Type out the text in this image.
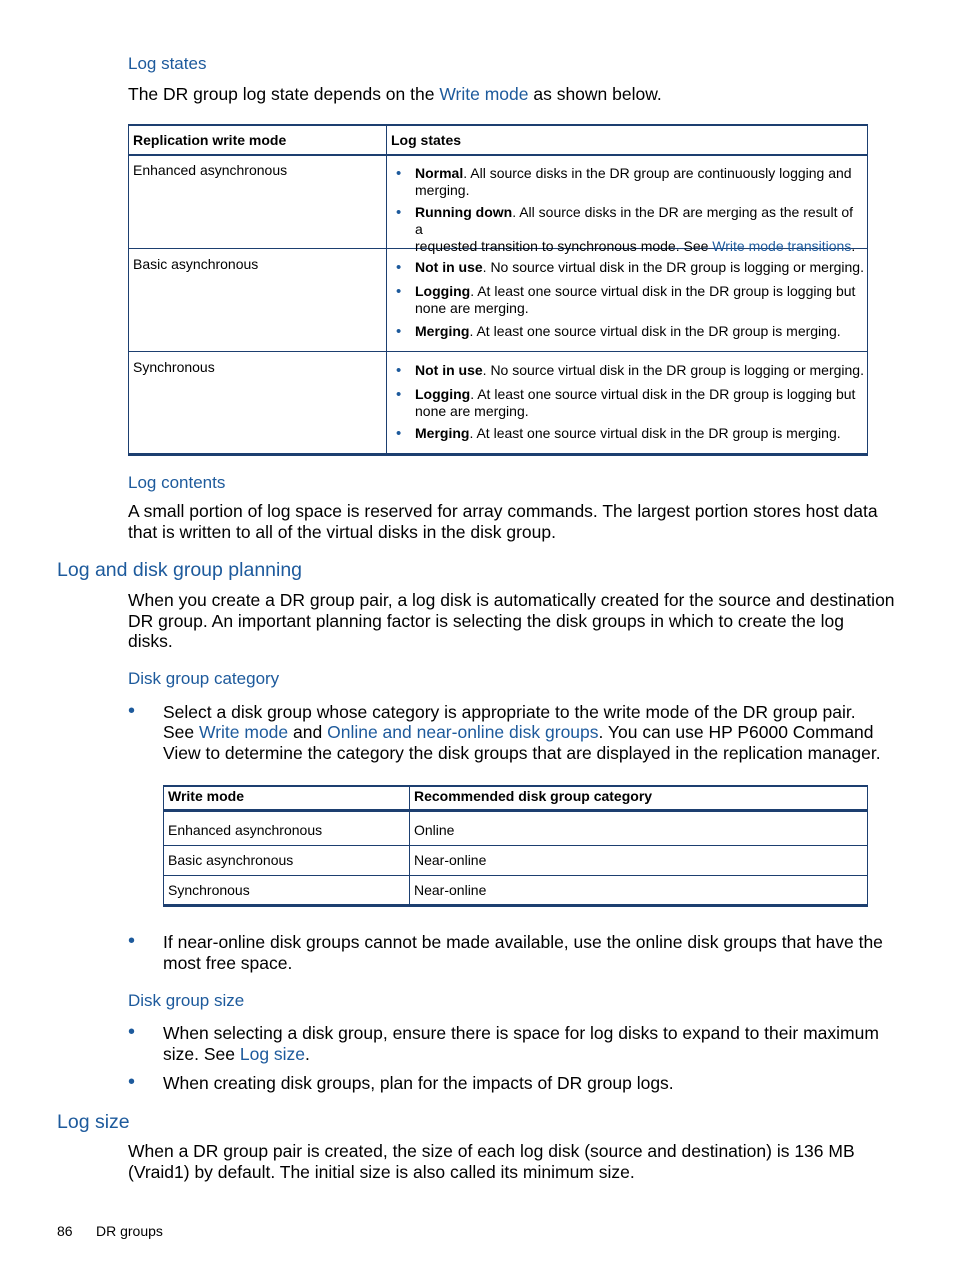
Log states
The DR group log state depends on the Write mode as shown below.
Replication write mode	Log states
Enhanced asynchronous	• Normal. All source disks in the DR group are continuously logging and
merging.
• Running down. All source disks in the DR are merging as the result of a
requested transition to synchronous mode. See Write mode transitions.
Basic asynchronous	• Not in use. No source virtual disk in the DR group is logging or merging.
• Logging. At least one source virtual disk in the DR group is logging but
none are merging.
• Merging. At least one source virtual disk in the DR group is merging.
Synchronous	• Not in use. No source virtual disk in the DR group is logging or merging.
• Logging. At least one source virtual disk in the DR group is logging but
none are merging.
• Merging. At least one source virtual disk in the DR group is merging.
Log contents
A small portion of log space is reserved for array commands. The largest portion stores host data
that is written to all of the virtual disks in the disk group.
Log and disk group planning
When you create a DR group pair, a log disk is automatically created for the source and destination
DR group. An important planning factor is selecting the disk groups in which to create the log
disks.
Disk group category
• Select a disk group whose category is appropriate to the write mode of the DR group pair.
See Write mode and Online and near-online disk groups. You can use HP P6000 Command
View to determine the category the disk groups that are displayed in the replication manager.
Write mode	Recommended disk group category
Enhanced asynchronous	Online
Basic asynchronous	Near-online
Synchronous	Near-online
• If near-online disk groups cannot be made available, use the online disk groups that have the
most free space.
Disk group size
• When selecting a disk group, ensure there is space for log disks to expand to their maximum
size. See Log size.
• When creating disk groups, plan for the impacts of DR group logs.
Log size
When a DR group pair is created, the size of each log disk (source and destination) is 136 MB
(Vraid1) by default. The initial size is also called its minimum size.
86 DR groups
